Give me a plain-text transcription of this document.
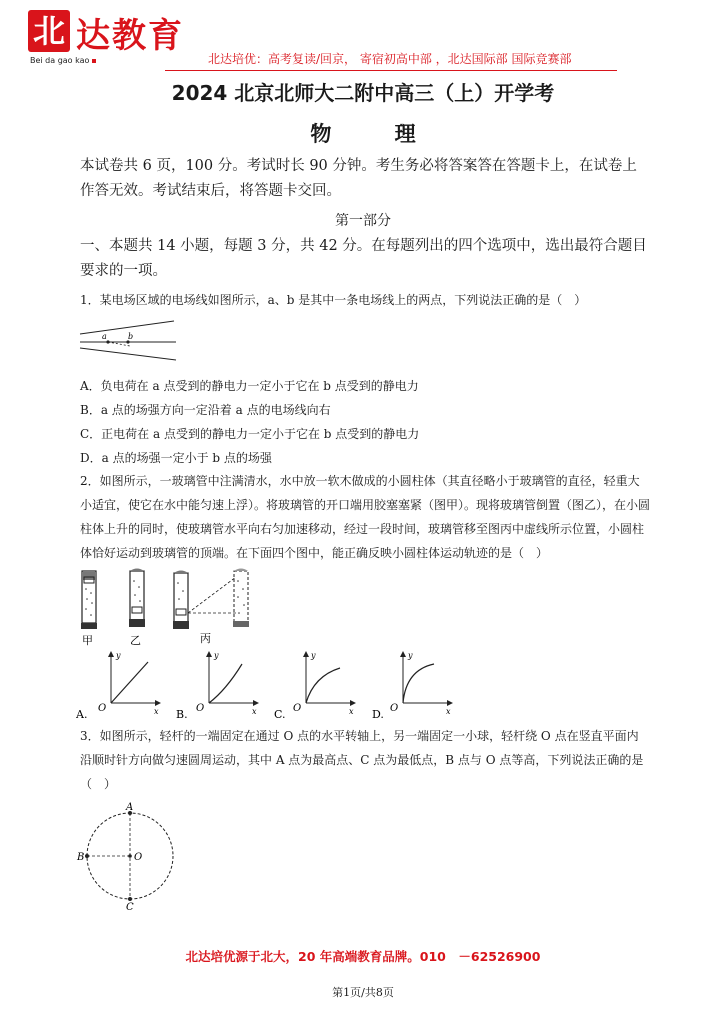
北 达教育
Bei da gao kao	北达培优：高考复读/回京， 寄宿初高中部 ，北达国际部 国际竞赛部
2024 北京北师大二附中高三（上）开学考
物 理
本试卷共 6 页，100 分。考试时长 90 分钟。考生务必将答案答在答题卡上，在试卷上作答无效。考试结束后，将答题卡交回。
第一部分
一、本题共 14 小题，每题 3 分，共 42 分。在每题列出的四个选项中，选出最符合题目要求的一项。
1．某电场区域的电场线如图所示，a、b 是其中一条电场线上的两点，下列说法正确的是（　）
a	b
A．负电荷在 a 点受到的静电力一定小于它在 b 点受到的静电力
B．a 点的场强方向一定沿着 a 点的电场线向右
C．正电荷在 a 点受到的静电力一定小于它在 b 点受到的静电力
D．a 点的场强一定小于 b 点的场强
2．如图所示，一玻璃管中注满清水，水中放一软木做成的小圆柱体（其直径略小于玻璃管的直径，轻重大小适宜，使它在水中能匀速上浮）。将玻璃管的开口端用胶塞塞紧（图甲）。现将玻璃管倒置（图乙），在小圆柱体上升的同时，使玻璃管水平向右匀加速移动，经过一段时间，玻璃管移至图丙中虚线所示位置，小圆柱体恰好运动到玻璃管的顶端。在下面四个图中，能正确反映小圆柱体运动轨迹的是（　）
甲	乙	丙
A. O
y
x B. O
y
x C. O
y
x D. O
y
x
3．如图所示，轻杆的一端固定在通过 O 点的水平转轴上，另一端固定一小球，轻杆绕 O 点在竖直平面内沿顺时针方向做匀速圆周运动，其中 A 点为最高点、C 点为最低点，B 点与 O 点等高，下列说法正确的是（　）
A
B	O
C
北达培优源于北大，20 年高端教育品牌。010　－62526900
第1页/共8页
